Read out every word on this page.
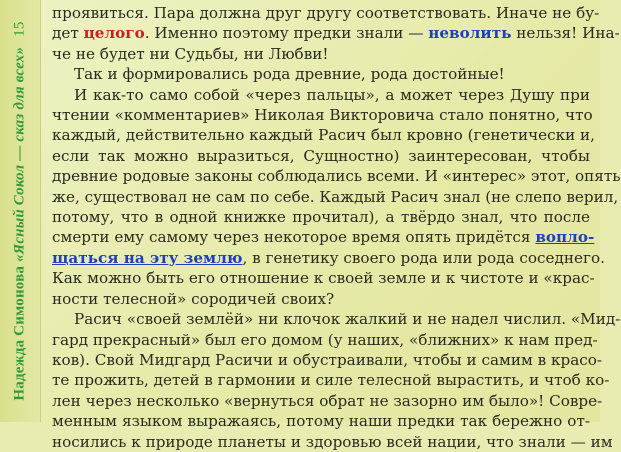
Надежда Симонова «Ясный Сокол — сказ для всех» 15

проявиться. Пара должна друг другу соответствовать. Иначе не бу-
дет целого. Именно поэтому предки знали — неволить нельзя! Ина-
че не будет ни Судьбы, ни Любви!

Так и формировались рода древние, рода достойные!

И как-то само собой «через пальцы», а может через Душу при
чтении «комментариев» Николая Викторовича стало понятно, что
каждый, действительно каждый Расич был кровно (генетически и,
если так можно выразиться, Сущностно) заинтересован, чтобы
древние родовые законы соблюдались всеми. И «интерес» этот, опять
же, существовал не сам по себе. Каждый Расич знал (не слепо верил,
потому, что в одной книжке прочитал), а твёрдо знал, что после
смерти ему самому через некоторое время опять придётся вопло-
щаться на эту землю, в генетику своего рода или рода соседнего.
Как можно быть его отношение к своей земле и к чистоте и «крас-
ности телесной» сородичей своих?

Расич «своей землёй» ни клочок жалкий и не надел числил. «Мид-
гард прекрасный» был его домом (у наших, «ближних» к нам пред-
ков). Свой Мидгард Расичи и обустраивали, чтобы и самим в красо-
те прожить, детей в гармонии и силе телесной вырастить, и чтоб ко-
лен через несколько «вернуться обрат не зазорно им было»! Совре-
менным языком выражаясь, потому наши предки так бережно от-
носились к природе планеты и здоровью всей нации, что знали — им
